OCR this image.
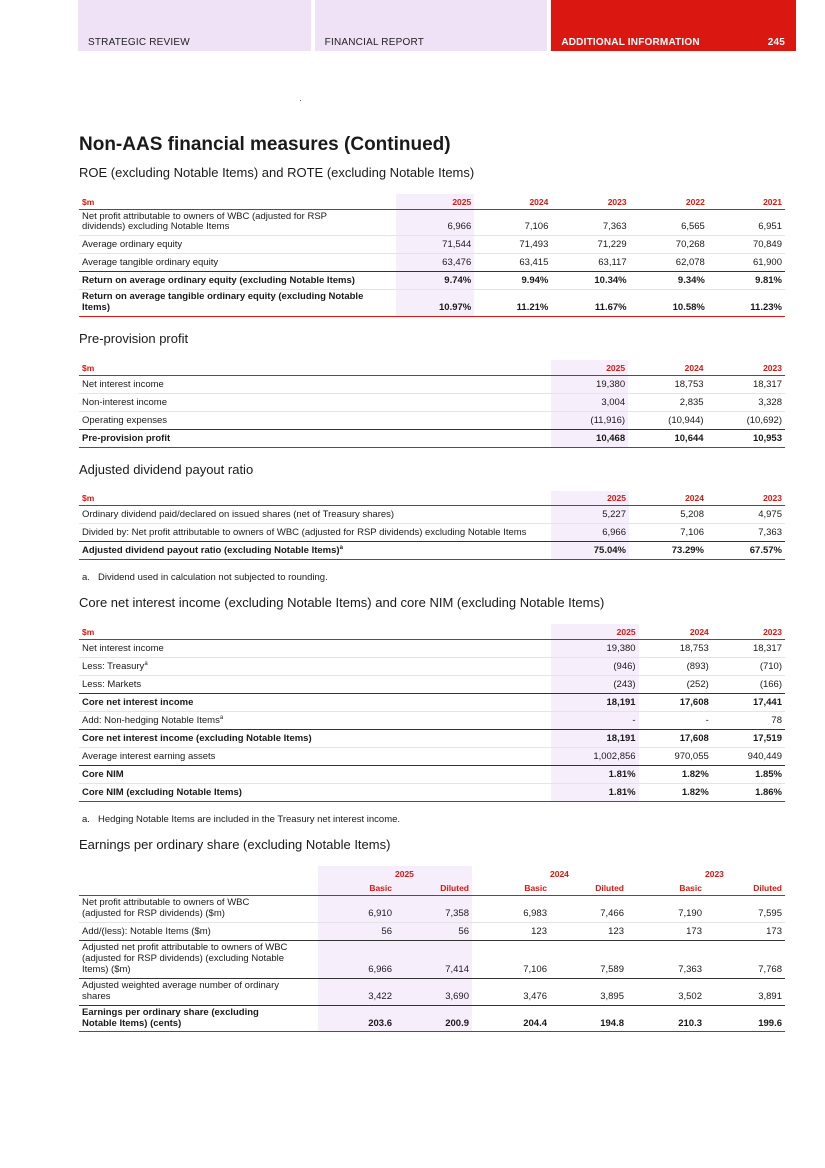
STRATEGIC REVIEW	FINANCIAL REPORT	ADDITIONAL INFORMATION	245
Non-AAS financial measures (Continued)
ROE (excluding Notable Items) and ROTE (excluding Notable Items)
$m	2025	2024	2023	2022	2021
Net profit attributable to owners of WBC (adjusted for RSP dividends) excluding Notable Items	6,966	7,106	7,363	6,565	6,951
Average ordinary equity	71,544	71,493	71,229	70,268	70,849
Average tangible ordinary equity	63,476	63,415	63,117	62,078	61,900
Return on average ordinary equity (excluding Notable Items)	9.74%	9.94%	10.34%	9.34%	9.81%
Return on average tangible ordinary equity (excluding Notable Items)	10.97%	11.21%	11.67%	10.58%	11.23%
Pre-provision profit
$m	2025	2024	2023
Net interest income	19,380	18,753	18,317
Non-interest income	3,004	2,835	3,328
Operating expenses	(11,916)	(10,944)	(10,692)
Pre-provision profit	10,468	10,644	10,953
Adjusted dividend payout ratio
$m	2025	2024	2023
Ordinary dividend paid/declared on issued shares (net of Treasury shares)	5,227	5,208	4,975
Divided by: Net profit attributable to owners of WBC (adjusted for RSP dividends) excluding Notable Items	6,966	7,106	7,363
Adjusted dividend payout ratio (excluding Notable Items)$^a$	75.04%	73.29%	67.57%
a. Dividend used in calculation not subjected to rounding.
Core net interest income (excluding Notable Items) and core NIM (excluding Notable Items)
$m	2025	2024	2023
Net interest income	19,380	18,753	18,317
Less: Treasury$^a$	(946)	(893)	(710)
Less: Markets	(243)	(252)	(166)
Core net interest income	18,191	17,608	17,441
Add: Non-hedging Notable Items$^a$	-	-	78
Core net interest income (excluding Notable Items)	18,191	17,608	17,519
Average interest earning assets	1,002,856	970,055	940,449
Core NIM	1.81%	1.82%	1.85%
Core NIM (excluding Notable Items)	1.81%	1.82%	1.86%
a. Hedging Notable Items are included in the Treasury net interest income.
Earnings per ordinary share (excluding Notable Items)
		2025		2024		2023
	Basic	Diluted	Basic	Diluted	Basic	Diluted
Net profit attributable to owners of WBC (adjusted for RSP dividends) ($m)	6,910	7,358	6,983	7,466	7,190	7,595
Add/(less): Notable Items ($m)	56	56	123	123	173	173
Adjusted net profit attributable to owners of WBC (adjusted for RSP dividends) (excluding Notable Items) ($m)	6,966	7,414	7,106	7,589	7,363	7,768
Adjusted weighted average number of ordinary shares	3,422	3,690	3,476	3,895	3,502	3,891
Earnings per ordinary share (excluding Notable Items) (cents)	203.6	200.9	204.4	194.8	210.3	199.6
